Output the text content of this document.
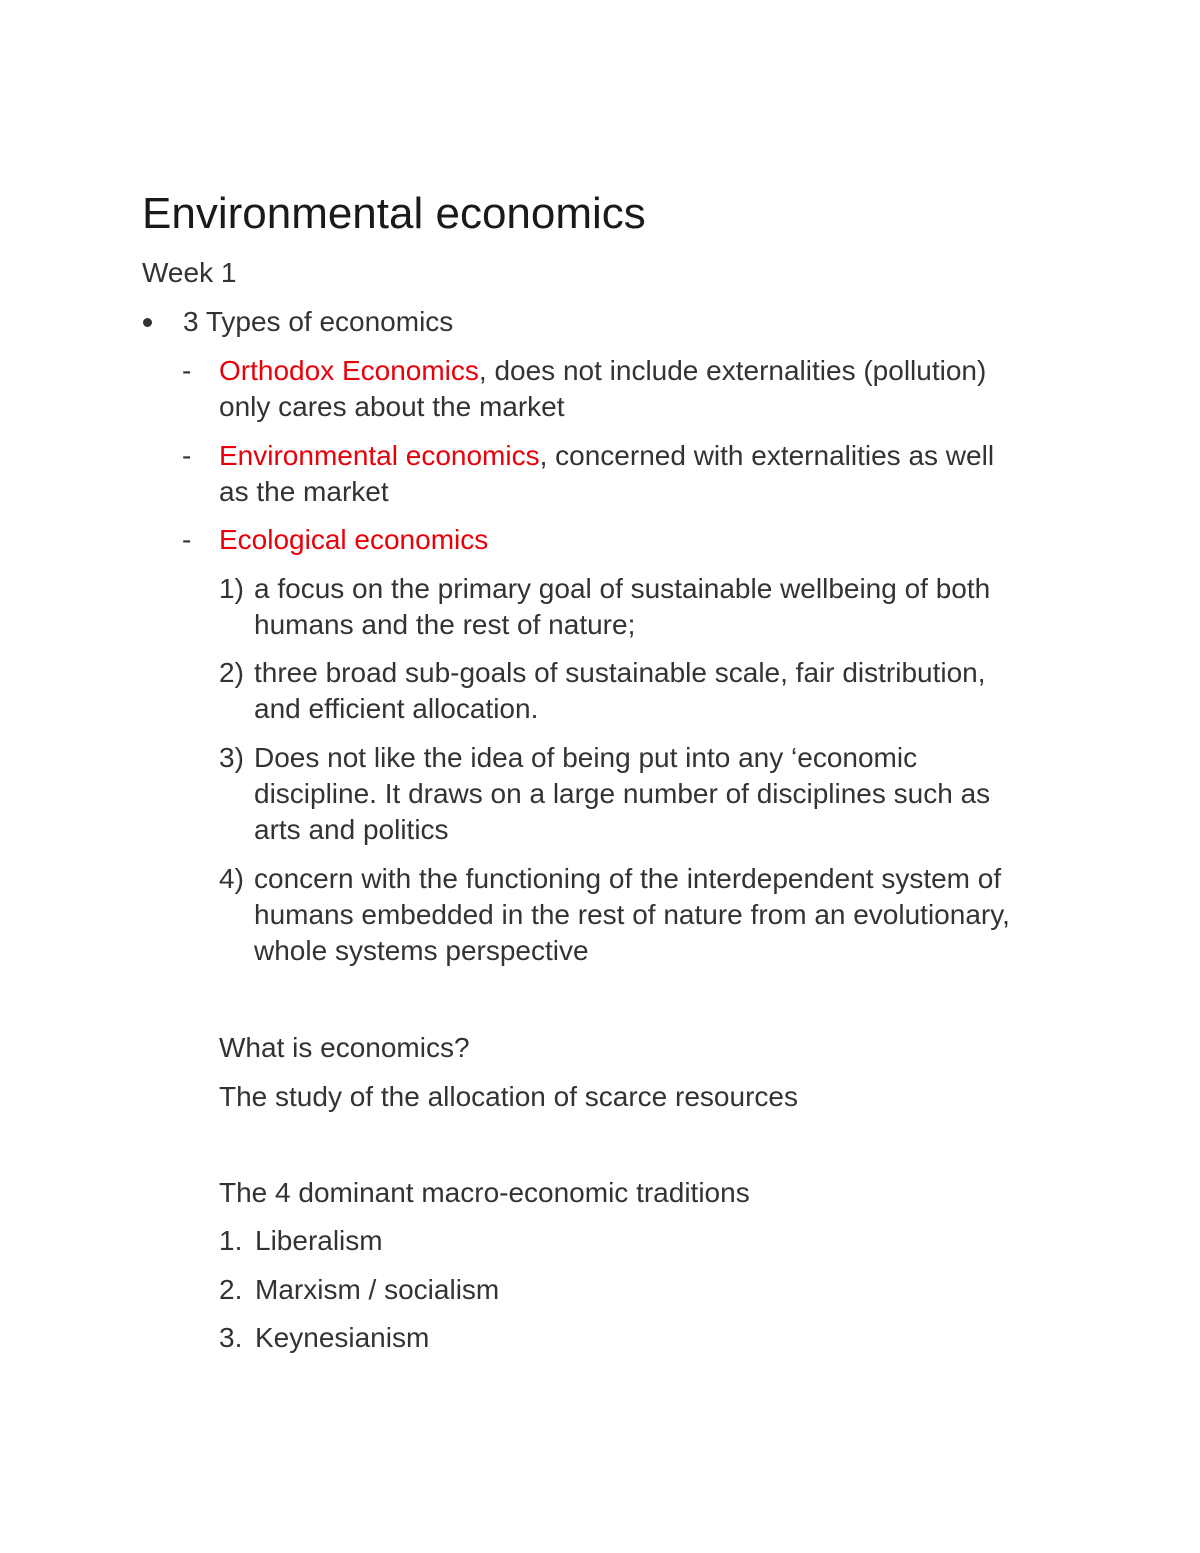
Environmental economics
Week 1
3 Types of economics
- Orthodox Economics, does not include externalities (pollution)
only cares about the market
- Environmental economics, concerned with externalities as well
as the market
- Ecological economics
1) a focus on the primary goal of sustainable wellbeing of both
humans and the rest of nature;
2) three broad sub-goals of sustainable scale, fair distribution,
and efficient allocation.
3) Does not like the idea of being put into any ‘economic
discipline. It draws on a large number of disciplines such as
arts and politics
4) concern with the functioning of the interdependent system of
humans embedded in the rest of nature from an evolutionary,
whole systems perspective
What is economics?
The study of the allocation of scarce resources
The 4 dominant macro-economic traditions
1. Liberalism
2. Marxism / socialism
3. Keynesianism
